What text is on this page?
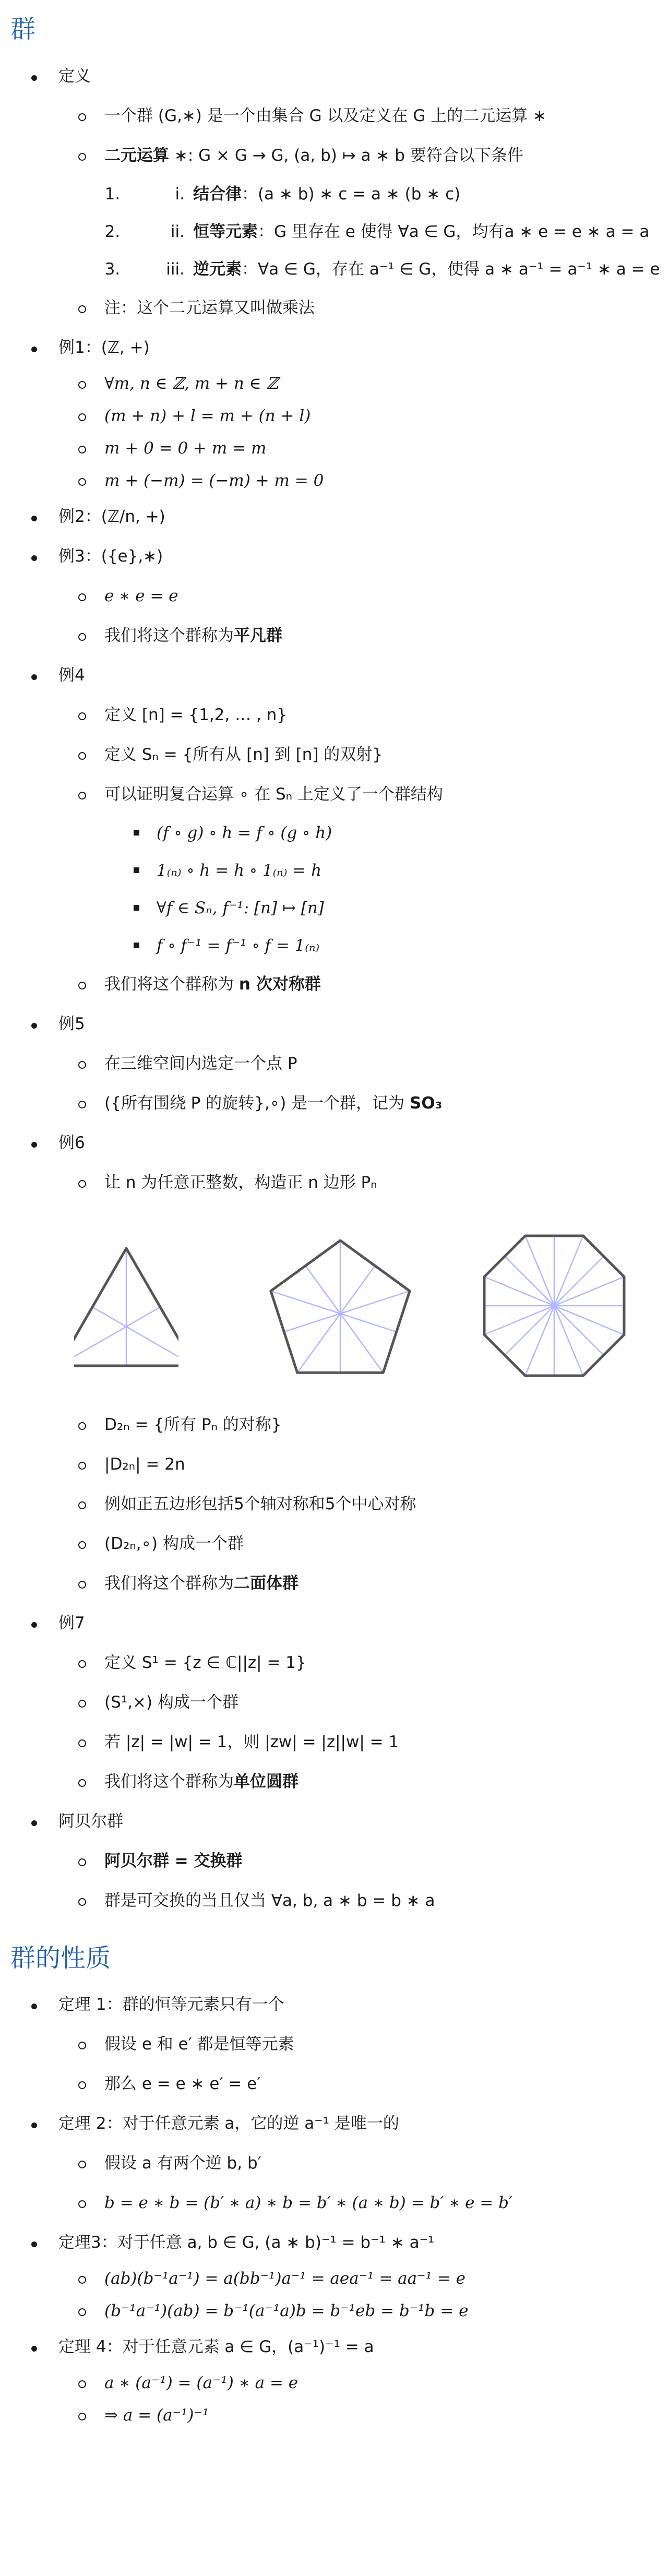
群
定义
一个群 (G,∗) 是一个由集合 G 以及定义在 G 上的二元运算 ∗
二元运算 ∗: G × G → G, (a, b) ↦ a ∗ b 要符合以下条件
1. i. 结合律：(a ∗ b) ∗ c = a ∗ (b ∗ c)
2. ii. 恒等元素：G 里存在 e 使得 ∀a ∈ G，均有a ∗ e = e ∗ a = a
3. iii. 逆元素：∀a ∈ G，存在 a⁻¹ ∈ G，使得 a ∗ a⁻¹ = a⁻¹ ∗ a = e
注：这个二元运算又叫做乘法
例1：(ℤ, +)
∀m, n ∈ ℤ, m + n ∈ ℤ
(m + n) + l = m + (n + l)
m + 0 = 0 + m = m
m + (−m) = (−m) + m = 0
例2：(ℤ/n, +)
例3：({e},∗)
e ∗ e = e
我们将这个群称为平凡群
例4
定义 [n] = {1,2, … , n}
定义 Sₙ = {所有从 [n] 到 [n] 的双射}
可以证明复合运算 ∘ 在 Sₙ 上定义了一个群结构
(f ∘ g) ∘ h = f ∘ (g ∘ h)
1₍ₙ₎ ∘ h = h ∘ 1₍ₙ₎ = h
∀f ∈ Sₙ, f⁻¹: [n] ↦ [n]
f ∘ f⁻¹ = f⁻¹ ∘ f = 1₍ₙ₎
我们将这个群称为 n 次对称群
例5
在三维空间内选定一个点 P
({所有围绕 P 的旋转},∘) 是一个群，记为 SO₃
例6
让 n 为任意正整数，构造正 n 边形 Pₙ
D₂ₙ = {所有 Pₙ 的对称}
|D₂ₙ| = 2n
例如正五边形包括5个轴对称和5个中心对称
(D₂ₙ,∘) 构成一个群
我们将这个群称为二面体群
例7
定义 S¹ = {z ∈ ℂ||z| = 1}
(S¹,×) 构成一个群
若 |z| = |w| = 1，则 |zw| = |z||w| = 1
我们将这个群称为单位圆群
阿贝尔群
阿贝尔群 = 交换群
群是可交换的当且仅当 ∀a, b, a ∗ b = b ∗ a
群的性质
定理 1：群的恒等元素只有一个
假设 e 和 e′ 都是恒等元素
那么 e = e ∗ e′ = e′
定理 2：对于任意元素 a，它的逆 a⁻¹ 是唯一的
假设 a 有两个逆 b, b′
b = e ∗ b = (b′ ∗ a) ∗ b = b′ ∗ (a ∗ b) = b′ ∗ e = b′
定理3：对于任意 a, b ∈ G, (a ∗ b)⁻¹ = b⁻¹ ∗ a⁻¹
(ab)(b⁻¹a⁻¹) = a(bb⁻¹)a⁻¹ = aea⁻¹ = aa⁻¹ = e
(b⁻¹a⁻¹)(ab) = b⁻¹(a⁻¹a)b = b⁻¹eb = b⁻¹b = e
定理 4：对于任意元素 a ∈ G，(a⁻¹)⁻¹ = a
a ∗ (a⁻¹) = (a⁻¹) ∗ a = e
⇒ a = (a⁻¹)⁻¹
